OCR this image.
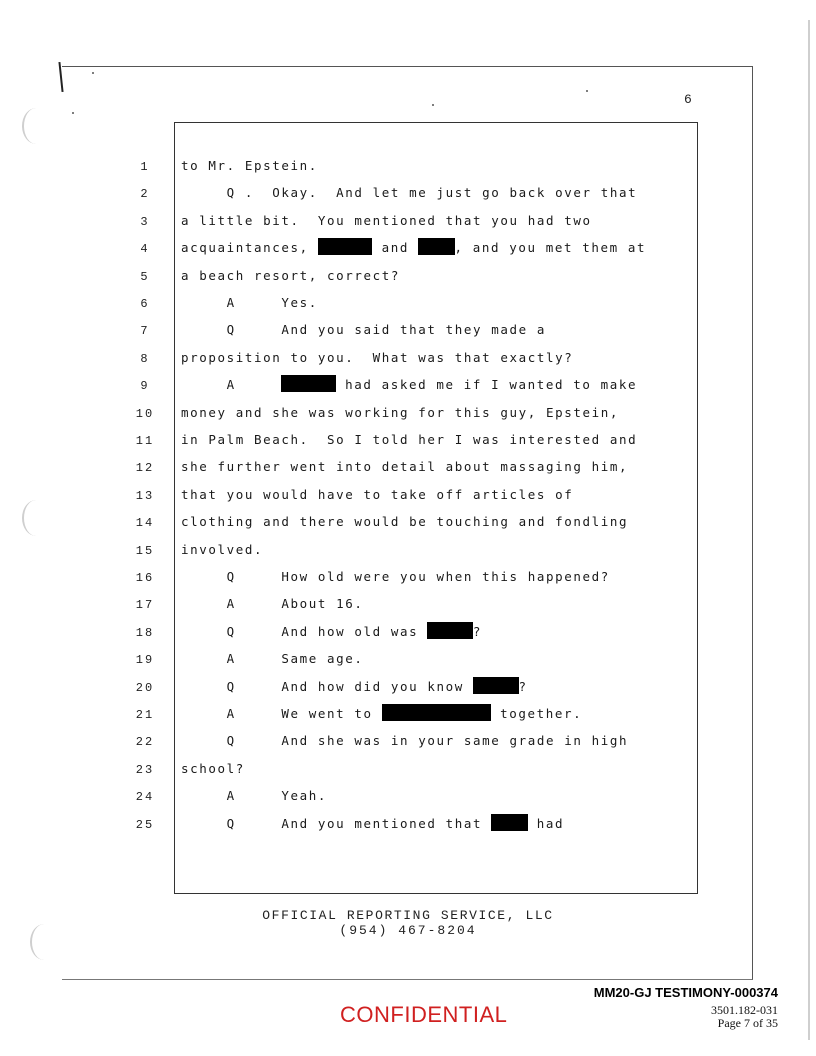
6
1	to Mr. Epstein.
2	Q .  Okay.  And let me just go back over that
3	a little bit.  You mentioned that you had two
4	acquaintances,	and	, and you met them at
5	a beach resort, correct?
6	A     Yes.
7	Q     And you said that they made a
8	proposition to you.  What was that exactly?
9	A	had asked me if I wanted to make
10	money and she was working for this guy, Epstein,
11	in Palm Beach.  So I told her I was interested and
12	she further went into detail about massaging him,
13	that you would have to take off articles of
14	clothing and there would be touching and fondling
15	involved.
16	Q     How old were you when this happened?
17	A     About 16.
18	Q     And how old was	?
19	A     Same age.
20	Q     And how did you know	?
21	A     We went to	together.
22	Q     And she was in your same grade in high
23	school?
24	A     Yeah.
25	Q     And you mentioned that	had
OFFICIAL REPORTING SERVICE, LLC
(954) 467-8204
MM20-GJ TESTIMONY-000374
CONFIDENTIAL	3501.182-031
Page 7 of 35
